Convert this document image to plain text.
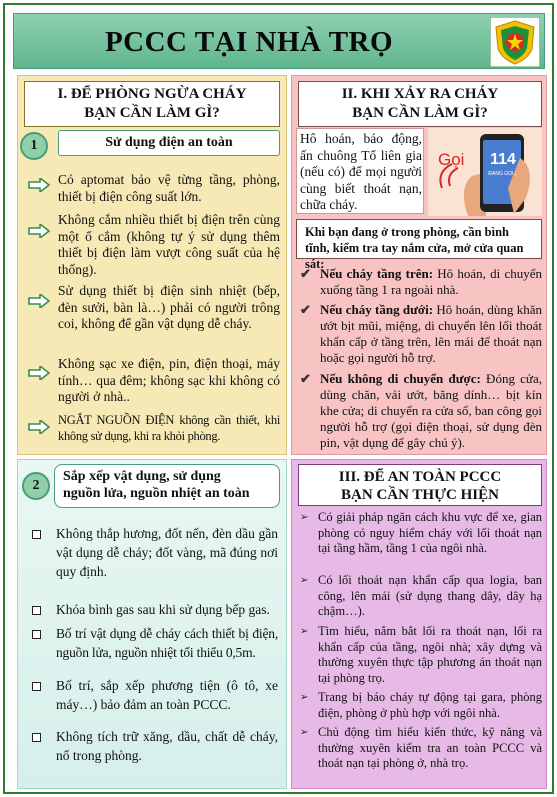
PCCC TẠI NHÀ TRỌ
I. ĐỂ PHÒNG NGỪA CHÁY
BẠN CẦN LÀM GÌ?
1	Sử dụng điện an toàn
Có aptomat bảo vệ từng tầng, phòng, thiết bị điện công suất lớn.
Không cắm nhiều thiết bị điện trên cùng một ổ cắm (không tự ý sử dụng thêm thiết bị điện làm vượt công suất của hệ thống).
Sử dụng thiết bị điện sinh nhiệt (bếp, đèn sưởi, bàn là…) phải có người trông coi, không để gần vật dụng dễ cháy.
Không sạc xe điện, pin, điện thoại, máy tính… qua đêm; không sạc khi không có người ở nhà..
NGẮT NGUỒN ĐIỆN không cần thiết, khi không sử dụng, khi ra khỏi phòng.
II. KHI XẢY RA CHÁY
BẠN CẦN LÀM GÌ?
Hô hoán, báo động, ấn chuông Tổ liên gia (nếu có) để mọi người cùng biết thoát nạn, chữa cháy.
Gọi 114
ĐANG GỌI...
Khi bạn đang ở trong phòng, cần bình tĩnh, kiểm tra tay nắm cửa, mở cửa quan sát:
✔ Nếu cháy tầng trên: Hô hoán, di chuyển xuống tầng 1 ra ngoài nhà.
✔ Nếu cháy tầng dưới: Hô hoán, dùng khăn ướt bịt mũi, miệng, di chuyển lên lối thoát khẩn cấp ở tầng trên, lên mái để thoát nạn hoặc gọi người hỗ trợ.
✔ Nếu không di chuyển được: Đóng cửa, dùng chăn, vải ướt, băng dính… bịt kín khe cửa; di chuyển ra cửa sổ, ban công gọi người hỗ trợ (gọi điện thoại, sử dụng đèn pin, vật dụng để gây chú ý).
2
Sắp xếp vật dụng, sử dụng
nguồn lửa, nguồn nhiệt an toàn
Không thắp hương, đốt nến, đèn dầu gần vật dụng dễ cháy; đốt vàng, mã đúng nơi quy định.
Khóa bình gas sau khi sử dụng bếp gas.
Bố trí vật dụng dễ cháy cách thiết bị điện, nguồn lửa, nguồn nhiệt tối thiểu 0,5m.
Bố trí, sắp xếp phương tiện (ô tô, xe máy…) bảo đảm an toàn PCCC.
Không tích trữ xăng, dầu, chất dễ cháy, nổ trong phòng.
III. ĐỂ AN TOÀN PCCC
BẠN CẦN THỰC HIỆN
➢ Có giải pháp ngăn cách khu vực để xe, gian phòng có nguy hiểm cháy với lối thoát nạn tại tầng hầm, tầng 1 của ngôi nhà.
➢ Có lối thoát nạn khẩn cấp qua logia, ban công, lên mái (sử dụng thang dây, dây hạ chậm…).
➢ Tìm hiểu, nắm bắt lối ra thoát nạn, lối ra khẩn cấp của tầng, ngôi nhà; xây dựng và thường xuyên thực tập phương án thoát nạn tại phòng trọ.
➢ Trang bị báo cháy tự động tại gara, phòng điện, phòng ở phù hợp với ngôi nhà.
➢ Chủ động tìm hiểu kiến thức, kỹ năng và thường xuyên kiểm tra an toàn PCCC và thoát nạn tại phòng ở, nhà trọ.
